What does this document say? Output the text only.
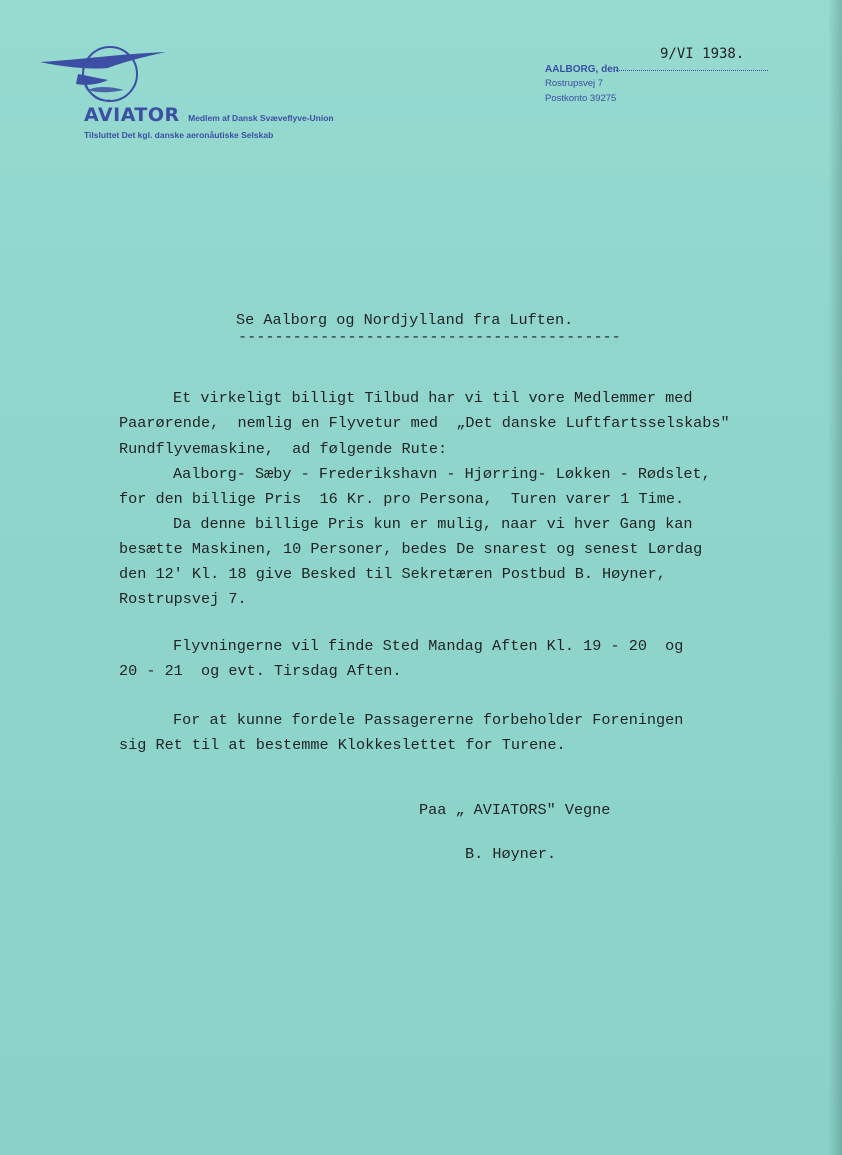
AVIATOR Medlem af Dansk Svæveflyve-Union
Tilsluttet Det kgl. danske aeronåutiske Selskab
AALBORG, den
9/VI 1938.
Rostrupsvej 7
Postkonto 39275
Se Aalborg og Nordjylland fra Luften.
------------------------------------------
Et virkeligt billigt Tilbud har vi til vore Medlemmer med
Paarørende,  nemlig en Flyvetur med  „Det danske Luftfartsselskabs"
Rundflyvemaskine,  ad følgende Rute:
Aalborg- Sæby - Frederikshavn - Hjørring- Løkken - Rødslet,
for den billige Pris  16 Kr. pro Persona,  Turen varer 1 Time.
Da denne billige Pris kun er mulig, naar vi hver Gang kan
besætte Maskinen, 10 Personer, bedes De snarest og senest Lørdag
den 12' Kl. 18 give Besked til Sekretæren Postbud B. Høyner,
Rostrupsvej 7.
Flyvningerne vil finde Sted Mandag Aften Kl. 19 - 20  og
20 - 21  og evt. Tirsdag Aften.
For at kunne fordele Passagererne forbeholder Foreningen
sig Ret til at bestemme Klokkeslettet for Turene.
Paa „ AVIATORS" Vegne
B. Høyner.
